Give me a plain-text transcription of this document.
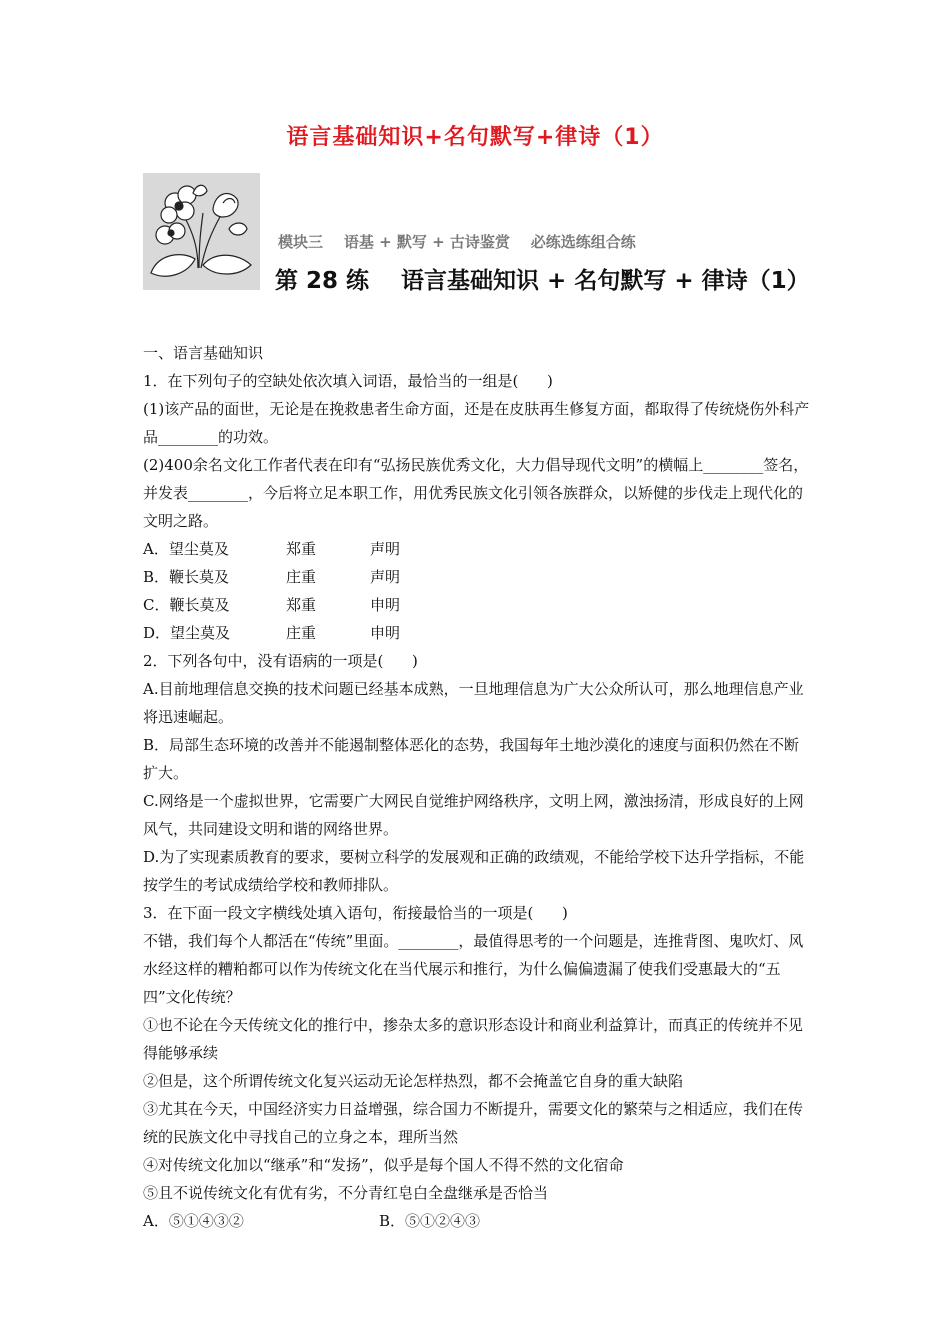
语言基础知识+名句默写+律诗（1）
模块三    语基 + 默写 + 古诗鉴赏    必练选练组合练
第 28 练    语言基础知识 + 名句默写 + 律诗（1）

一、语言基础知识

1．在下列句子的空缺处依次填入词语，最恰当的一组是(      )

(1)该产品的面世，无论是在挽救患者生命方面，还是在皮肤再生修复方面，都取得了传统烧伤外科产品________的功效。

(2)400余名文化工作者代表在印有“弘扬民族优秀文化，大力倡导现代文明”的横幅上________签名，并发表________，今后将立足本职工作，用优秀民族文化引领各族群众，以矫健的步伐走上现代化的文明之路。

A．望尘莫及	郑重	声明
B．鞭长莫及	庄重	声明
C．鞭长莫及	郑重	申明
D．望尘莫及	庄重	申明

2．下列各句中，没有语病的一项是(      )

A.目前地理信息交换的技术问题已经基本成熟，一旦地理信息为广大公众所认可，那么地理信息产业将迅速崛起。

B．局部生态环境的改善并不能遏制整体恶化的态势，我国每年土地沙漠化的速度与面积仍然在不断扩大。

C.网络是一个虚拟世界，它需要广大网民自觉维护网络秩序，文明上网，激浊扬清，形成良好的上网风气，共同建设文明和谐的网络世界。

D.为了实现素质教育的要求，要树立科学的发展观和正确的政绩观，不能给学校下达升学指标，不能按学生的考试成绩给学校和教师排队。

3．在下面一段文字横线处填入语句，衔接最恰当的一项是(      )

不错，我们每个人都活在“传统”里面。________，最值得思考的一个问题是，连推背图、鬼吹灯、风水经这样的糟粕都可以作为传统文化在当代展示和推行，为什么偏偏遗漏了使我们受惠最大的“五四”文化传统？

①也不论在今天传统文化的推行中，掺杂太多的意识形态设计和商业利益算计，而真正的传统并不见得能够承续

②但是，这个所谓传统文化复兴运动无论怎样热烈，都不会掩盖它自身的重大缺陷

③尤其在今天，中国经济实力日益增强，综合国力不断提升，需要文化的繁荣与之相适应，我们在传统的民族文化中寻找自己的立身之本，理所当然

④对传统文化加以“继承”和“发扬”，似乎是每个国人不得不然的文化宿命

⑤且不说传统文化有优有劣，不分青红皂白全盘继承是否恰当

A．⑤①④③②	B．⑤①②④③
